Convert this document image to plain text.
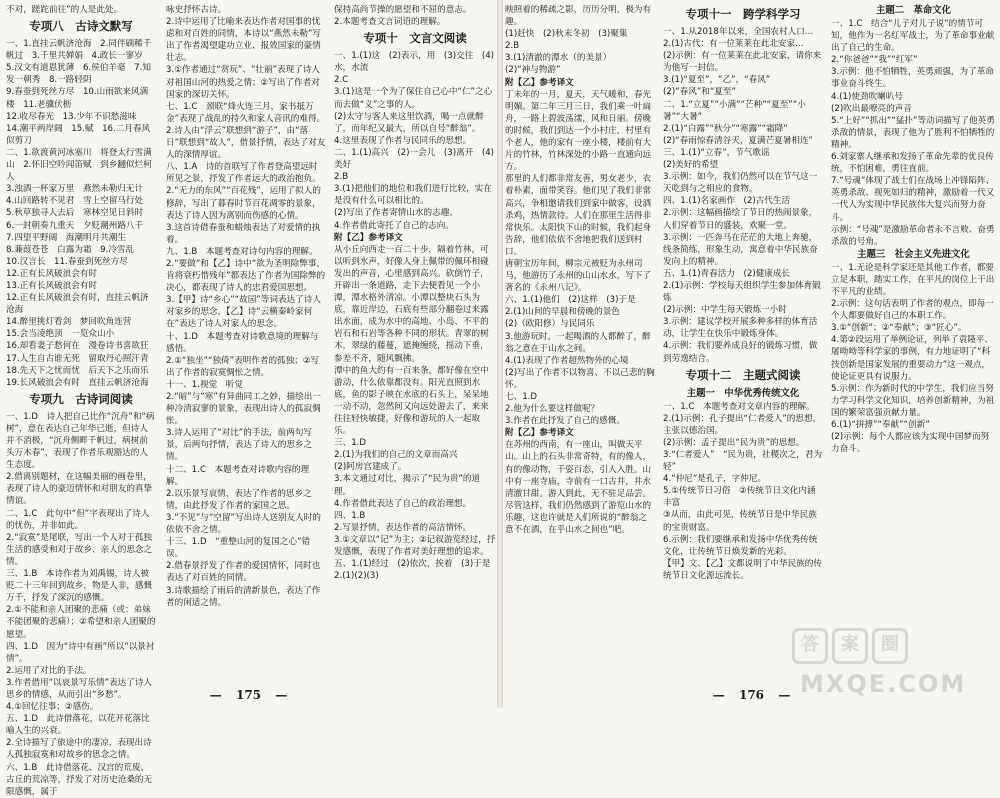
不对，蹉跎前往”的人是此处。
专项八　古诗文默写
一、1.直挂云帆济沧海　2.同伴刷稀千帆过　3.千里共婵娟　4.政长一寥岁　5.汉文有道恩犹薄　6.侯伯羊毫　7.知发一朝秀　8.一路轻阴
9.春蚕到死丝方尽　10.山雨欲来风满楼　11.老骥伏枥
12.收尽春光　13.少年不识愁滋味
14.潮平两岸阔　15.赋　16.二月春风似剪刀
二、1.欲渡黄河冰塞川　将登太行雪满山　2.怀旧空吟闻笛赋　到乡翻似烂柯人
3.浊酒一杯家万里　燕然未勒归无计
4.山回路转不见君　雪上空留马行处
5.秋草独寻人去后　寒林空见日斜时
6.一封朝奏九重天　夕贬潮州路八千
7.四望平野阔　海潮明月共潮生
8.蒹葭苍苍　白露为霜　9.冷雪乱
10.汉言长　11.春蚕到死丝方尽
12.正有长风破浪会有时
13.正有长风破浪会有时
12.正有长风破浪会有时，直挂云帆济沧海
14.醉里挑灯看剑　梦回吹角连营
15.会当凌绝顶　一览众山小
16.却看妻子愁何在　漫卷诗书喜欲狂
17.人生自古谁无死　留取丹心照汗青
18.先天下之忧而忧　后天下之乐而乐
19.长风破浪会有时　直挂云帆济沧海
专项九　古诗词阅读
一、1.D　诗人把自己比作“沉舟”和“病树”，意在表达自己年华已逝，但诗人并不消极，“沉舟侧畔千帆过，病树前头万木春”，表现了作者乐观豁达的人生态度。
2.借离别题材，在这幅美丽的画卷里，表现了诗人的豪迈情怀和对朋友的真挚情谊。
二、1.C　此句中“但”字表现出了诗人的忧伤，并非如此。
2.“寂寞”是尾联，写出一个人对于孤独生活的感受和对于故乡、亲人的思念之情。
三、1.B　本诗作者为刘禹锡，诗人被贬二十三年回到故乡，物是人非，感慨万千，抒发了深沉的感慨。
2.①不能和亲人团聚的悲痛（或：弟妹不能团聚的悲痛）；②希望和亲人团聚的愿望。
四、1.D　因为“诗中有画”所以“以景衬情”。
2.运用了对比的手法。
3.作者借用“以哀景写乐情”表达了诗人思乡的情感，从而引出“乡愁”。
4.①回忆往事；②感伤。
五、1.D　此诗借落花，以花开花落比喻人生的兴衰。
2.全诗描写了旅途中的凄凉，表现出诗人孤独寂寞和对故乡的思念之情。
六、1.B　此诗借落花、汉宫的荒废、古丘的荒凉等，抒发了对历史沧桑的无限感慨，属于
咏史抒怀古诗。
2.诗中运用了比喻来表达作者对国事的忧虑和对百姓的同情，本诗以“燕然未勒”写出了作者渴望建功立业、报效国家的豪情壮志。
3.①作者通过“赏玩”、“壮丽”表现了诗人对祖国山河的热爱之情；②写出了作者对国家的深切关怀。
七、1.C　颈联“烽火连三月，家书抵万金”表现了战乱的持久和家人音讯的难得。
2.诗人由“浮云”联想到“游子”，由“落日”联想到“故人”，借景抒情，表达了对友人的深情厚谊。
八、1.A　诗的首联写了作者登高望远时所见之景，抒发了作者远大的政治抱负。
2.“无力的东风”“百花残”，运用了拟人的修辞，写出了暮春时节百花凋零的景象，表达了诗人因为离别而伤感的心情。
3.这首诗借春蚕和蜡烛表达了对爱情的执着。
九、1.B　本题考查对诗句内容的理解。
2.“要做”和【乙】诗中“欲为圣明除弊事，肯将衰朽惜残年”都表达了作者为国除弊的决心，都表现了诗人的忠君爱国思想。
3.【甲】诗“乡心”“故园”等词表达了诗人对家乡的思念，【乙】诗“云横秦岭家何在”表达了诗人对家人的思念。
十、1.D　本题考查对诗歌意境的理解与感悟。
2.①“独坐”“独倚”表明作者的孤独；②写出了作者的寂寞惆怅之情。
十一、1.视觉　听觉
2.“暗”与“寒”有异曲同工之妙，描绘出一种冷清寂寥的景象，表现出诗人的孤寂惆怅。
3.诗人运用了“对比”的手法，前两句写景，后两句抒情，表达了诗人的思乡之情。
十二、1.C　本题考查对诗歌内容的理解。
2.以乐景写哀情，表达了作者的思乡之情，由此抒发了作者的家国之思。
3.“不见”与“空留”写出诗人送别友人时的依依不舍之情。
十三、1.D　“重整山河的复国之心”错误。
2.借春景抒发了作者的爱国情怀，同时也表达了对百姓的同情。
3.诗歌描绘了雨后的清新景色，表达了作者的闲适之情。
保持高尚节操的愿望和不屈的意志。
2.本题考查文言词语的理解。
专项十　文言文阅读
一、1.(1)这　(2)表示，用　(3)交往　(4)水，水流
2.C
3.(1)这是一个为了保住自己心中“仁”之心而去做“义”之事的人。
(2)太守与客人来这里饮酒，喝一点就醉了，而年纪又最大，所以自号“醉翁”。
4.这里表现了作者与民同乐的思想。
二、1.(1)高兴　(2)一会儿　(3)离开　(4)美好
2.B
3.(1)把他们的地位和我们进行比较，实在是没有什么可以相比的。
(2)写出了作者寄情山水的志趣。
4.作者借此寄托了自己的志向。
附【乙】参考译文
从小丘向西走一百二十步，隔着竹林，可以听到水声，好像人身上佩带的佩环相碰发出的声音，心里感到高兴。砍倒竹子，开辟出一条道路，走下去便看见一个小潭，潭水格外清凉。小潭以整块石头为底，靠近岸边，石底有些部分翻卷过来露出水面，成为水中的高地、小岛、不平的岩石和石岩等各种不同的形状。青翠的树木，翠绿的藤蔓，遮掩缠绕，摇动下垂，参差不齐，随风飘拂。
潭中的鱼大约有一百来条，都好像在空中游动，什么依靠都没有。阳光直照到水底，鱼的影子映在水底的石头上，呆呆地一动不动，忽然间又向远处游去了，来来往往轻快敏捷，好像和游玩的人一起取乐。
三、1.D
2.(1)为我们的自己的文章而高兴
(2)阿房宫建成了。
3.本文通过对比，揭示了“民为贵”的道理。
4.作者借此表达了自己的政治理想。
四、1.B
2.写景抒情，表达作者的高洁情怀。
3.①文章以“记”为主；②记叙游览经过，抒发感慨，表现了作者对美好理想的追求。
五、1.(1)经过　(2)依次，挨着　(3)于是
2.(1)(2)(3)
— 175 —
映照着的稀疏之影，历历分明，极为有趣。
(1)赶快　(2)秋末冬初　(3)聚集
2.B
3.(1)清澈的潭水（的美景）
(2)“神与物游”
附【乙】参考译文
丁未年的一月，夏天，天气暖和，春光明媚。第二年三月三日，我们乘一叶扁舟，一路上碧波荡漾，风和日丽。傍晚的时候，我们到达一个小村庄，村里有个老人，他的家有一座小楼，楼前有大片的竹林，竹林深处的小路一直通向远方。
那里的人们都非常友善，男女老少，衣着朴素，面带笑容。他们见了我们非常高兴，争相邀请我们到家中做客，设酒杀鸡，热情款待。人们在那里生活得非常快乐。太阳快下山的时候，我们起身告辞，他们依依不舍地把我们送到村口。
唐朝宝历年间，柳宗元被贬为永州司马，他游历了永州的山山水水，写下了著名的《永州八记》。
六、1.(1)他们　(2)这样　(3)于是
2.(1)山间的早晨和傍晚的景色
(2)（欧阳修）与民同乐
3.他游玩时，一起喝酒的人都醉了，醉翁之意在于山水之间。
4.(1)表现了作者超然物外的心境
(2)写出了作者不以物喜、不以己悲的胸怀。
七、1.D
2.他为什么要这样做呢？
3.作者在此抒发了自己的感慨。
附【乙】参考译文
在苏州的西南，有一座山，叫做天平山。山上的石头非常奇特，有的像人，有的像动物，千姿百态，引人入胜。山中有一座寺庙，寺前有一口古井，井水清澈甘甜。游人到此，无不驻足品尝。
尽管这样，我们仍然感到了游览山水的乐趣，这也许就是人们所说的“醉翁之意不在酒，在乎山水之间也”吧。
专项十一　跨学科学习
一、1.从2018年以来，全国农村人口…
2.(1)古代：有一位莱莱在此北安家…
(2)示例：有一位莱莱在此北安家，请你来为他写一封信。
3.(1)“夏至”，“乙”，“春风”
(2)“春风”和“夏至”
二、1.“立夏”“小满”“芒种”“夏至”“小暑”“大暑”
2.(1)“白露”“秋分”“寒露”“霜降”
(2)“春雨惊春清谷天，夏满芒夏暑相连”
三、1.(1)“立春”，节气歌谣
(2)美好的希望
3.示例：如今，我们仍然可以在节气这一天吃到与之相应的食物。
四、1.(1)名家画作　(2)古代生活
2.示例：这幅画描绘了节日的热闹景象，人们穿着节日的盛装，欢聚一堂。
3.示例：一匹奔马在茫茫的大地上奔驰，线条简练，形象生动，寓意着中华民族奋发向上的精神。
五、1.(1)青春活力　(2)健康成长
2.(1)示例：学校每天组织学生参加体育锻炼
(2)示例：中学生每天锻炼一小时
3.示例：建议学校开展多种多样的体育活动，让学生在快乐中锻炼身体。
4.示例：我们要养成良好的锻炼习惯，做到劳逸结合。
专项十二　主题式阅读
主题一　中华优秀传统文化
一、1.C　本题考查对文章内容的理解。
2.(1)示例：孔子提出“仁者爱人”的思想，主张以德治国。
(2)示例：孟子提出“民为贵”的思想。
3.“仁者爱人”　“民为贵，社稷次之，君为轻”
4.“仲尼”是孔子，字仲尼。
5.①传统节日习俗　②传统节日文化内涵丰富
③从而，由此可见，传统节日是中华民族的宝贵财富。
6.示例：我们要继承和发扬中华优秀传统文化，让传统节日焕发新的光彩。
【甲】文、【乙】文都说明了中华民族的传统节日文化源远流长。
主题二　革命文化
一、1.C　结合“儿子对儿子说”的情节可知，他作为一名红军战士，为了革命事业献出了自己的生命。
2.“你爸爸”“我”“红军”
3.示例：他不怕牺牲，英勇顽强，为了革命事业奋斗终生。
4.(1)使劲吹喇叭号
(2)吹出最嘹亮的声音
5.“上好”“抓出”“猛扑”等动词描写了他英勇杀敌的情景，表现了他为了胜利不怕牺牲的精神。
6.刘家寨人继承和发扬了革命先辈的优良传统，不怕困难，勇往直前。
7.“号魂”体现了战士们在战场上冲锋陷阵、英勇杀敌、视死如归的精神，激励着一代又一代人为实现中华民族伟大复兴而努力奋斗。
示例：“号魂”是激励革命者永不言败、奋勇杀敌的号角。
主题三　社会主义先进文化
一、1.无论是科学家还是其他工作者，都要立足本职，踏实工作，在平凡的岗位上干出不平凡的业绩。
2.示例：这句话表明了作者的观点，即每一个人都要做好自己的本职工作。
3.①“创新”；②“奉献”；③“匠心”。
4.第②段运用了举例论证，列举了袁隆平、屠呦呦等科学家的事例，有力地证明了“科技创新是国家发展的重要动力”这一观点，使论证更具有说服力。
5.示例：作为新时代的中学生，我们应当努力学习科学文化知识，培养创新精神，为祖国的繁荣富强贡献力量。
6.(1)“拼搏”“奉献”“创新”
(2)示例：每个人都应该为实现中国梦而努力奋斗。
— 176 —
答	案	圈
MXQE.COM
